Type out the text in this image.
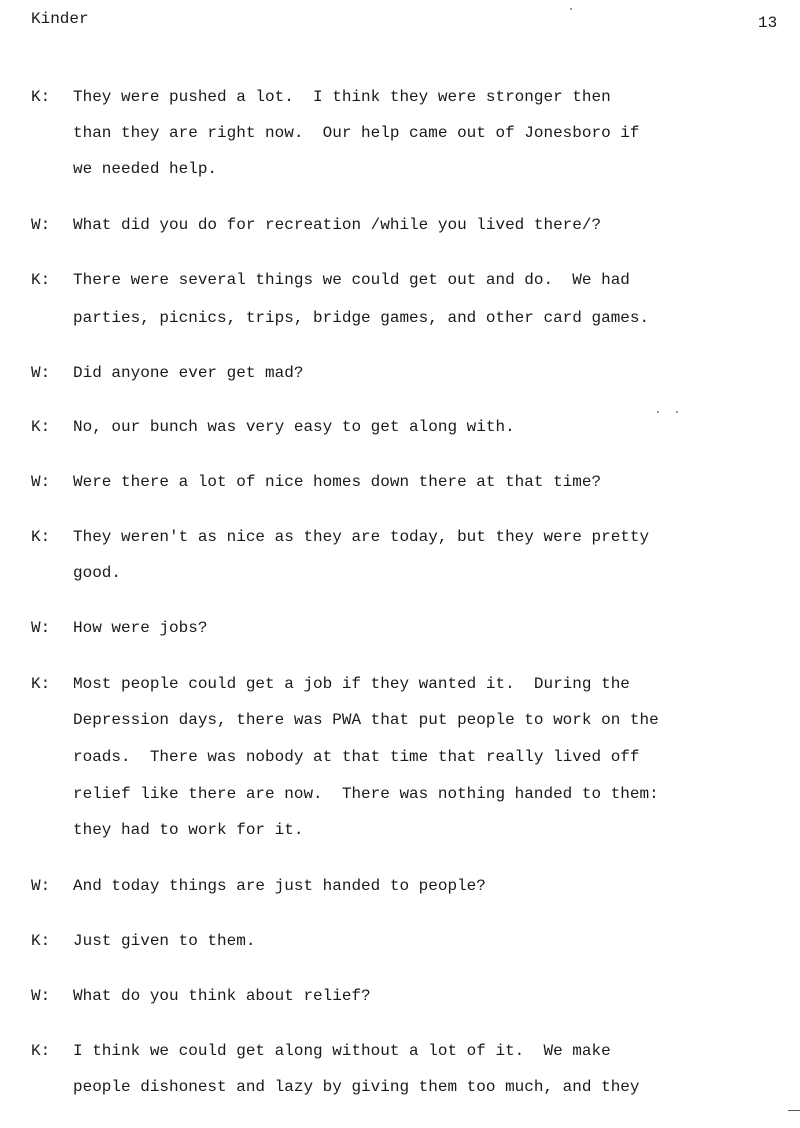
Kinder	13
K: They were pushed a lot.  I think they were stronger then
than they are right now.  Our help came out of Jonesboro if
we needed help.
W: What did you do for recreation /while you lived there/?
K: There were several things we could get out and do.  We had
parties, picnics, trips, bridge games, and other card games.
W: Did anyone ever get mad?
K: No, our bunch was very easy to get along with.
W: Were there a lot of nice homes down there at that time?
K: They weren't as nice as they are today, but they were pretty
good.
W: How were jobs?
K: Most people could get a job if they wanted it.  During the
Depression days, there was PWA that put people to work on the
roads.  There was nobody at that time that really lived off
relief like there are now.  There was nothing handed to them:
they had to work for it.
W: And today things are just handed to people?
K: Just given to them.
W: What do you think about relief?
K: I think we could get along without a lot of it.  We make
people dishonest and lazy by giving them too much, and they
